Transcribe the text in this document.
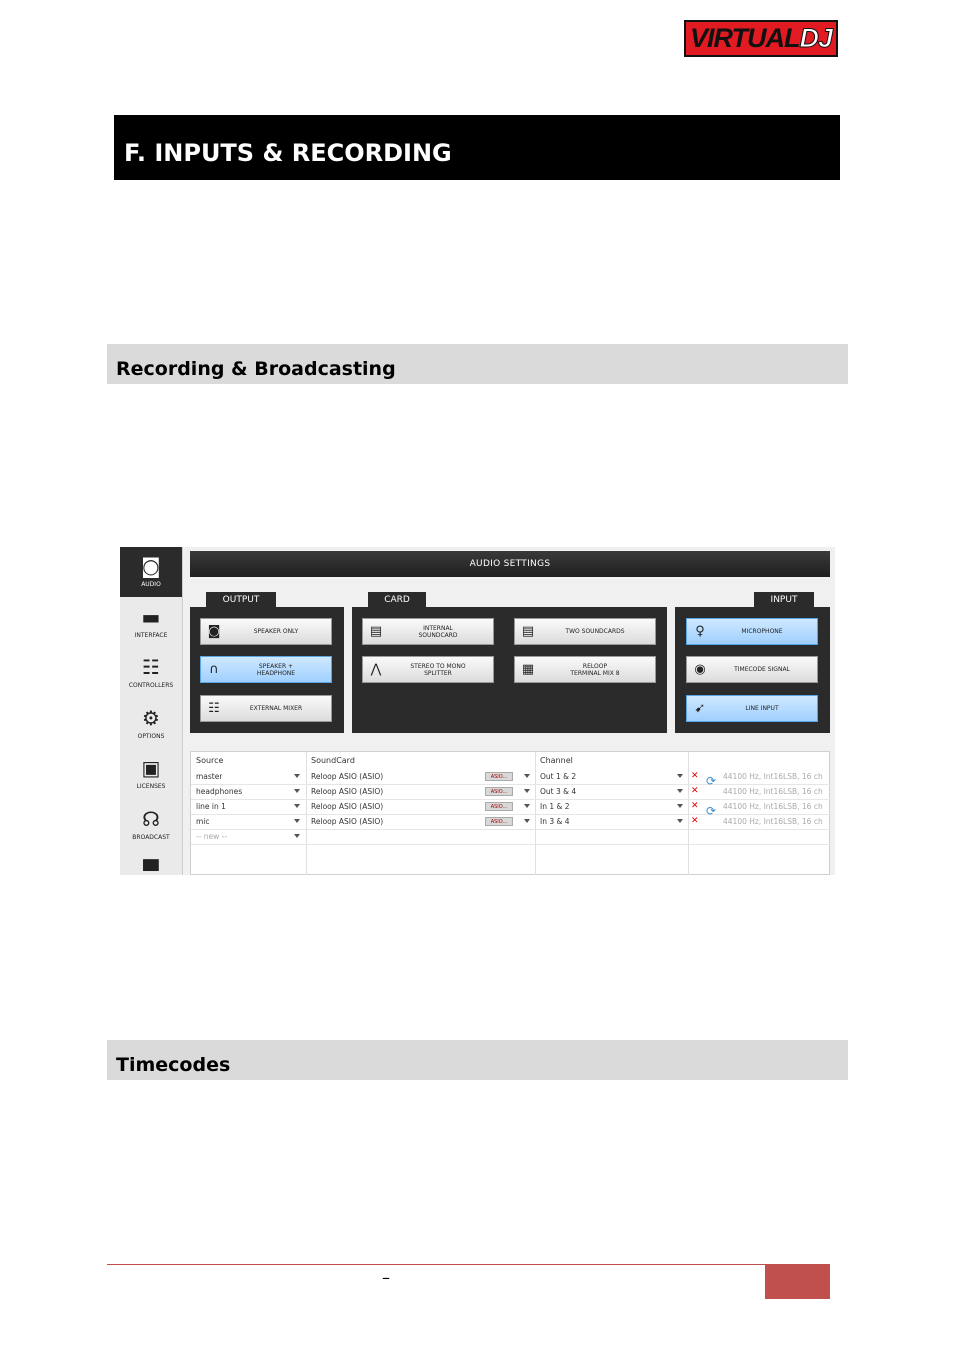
VIRTUAL DJ
F. INPUTS & RECORDING
Recording & Broadcasting
◙
AUDIO
▬
INTERFACE
☷
CONTROLLERS
⚙
OPTIONS
▣
LICENSES
☊
BROADCAST
▀
AUDIO SETTINGS
OUTPUT
◙	SPEAKER ONLY
∩	SPEAKER +
HEADPHONE
☷	EXTERNAL MIXER
CARD
▤	INTERNAL
SOUNDCARD	▤	TWO SOUNDCARDS
⋀	STEREO TO MONO
SPLITTER	▦	RELOOP
TERMINAL MIX 8
INPUT
♀	MICROPHONE
◉	TIMECODE SIGNAL
➹	LINE INPUT
Source	SoundCard	Channel
master	Reloop ASIO (ASIO)	ASIO...	Out 1 & 2	✕ ⟳ 44100 Hz, Int16LSB, 16 ch
headphones	Reloop ASIO (ASIO)	ASIO...	Out 3 & 4	✕	44100 Hz, Int16LSB, 16 ch
line in 1	Reloop ASIO (ASIO)	ASIO...	In 1 & 2	✕ ⟳ 44100 Hz, Int16LSB, 16 ch
mic	Reloop ASIO (ASIO)	ASIO...	In 3 & 4	✕	44100 Hz, Int16LSB, 16 ch
-- new --
Timecodes
–
